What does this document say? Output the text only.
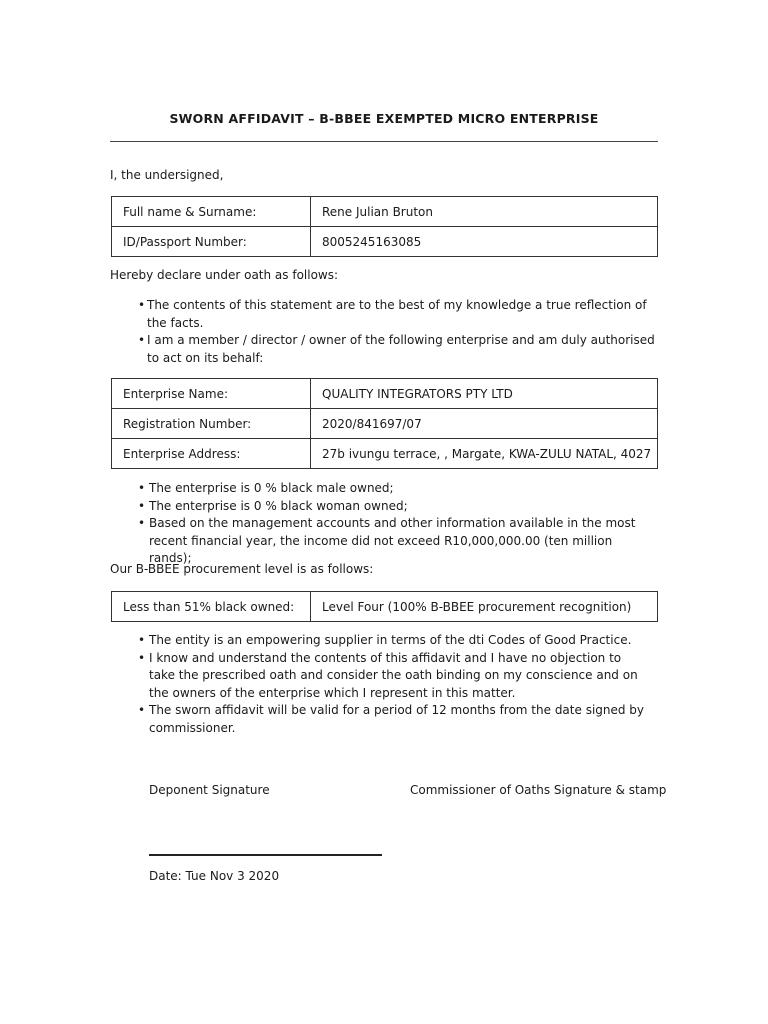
SWORN AFFIDAVIT – B-BBEE EXEMPTED MICRO ENTERPRISE
I, the undersigned,
Full name & Surname:	Rene Julian Bruton
ID/Passport Number:	8005245163085
Hereby declare under oath as follows:
• The contents of this statement are to the best of my knowledge a true reflection of the facts.
• I am a member / director / owner of the following enterprise and am duly authorised to act on its behalf:
Enterprise Name:	QUALITY INTEGRATORS PTY LTD
Registration Number:	2020/841697/07
Enterprise Address:	27b ivungu terrace, , Margate, KWA-ZULU NATAL, 4027
• The enterprise is 0 % black male owned;
• The enterprise is 0 % black woman owned;
• Based on the management accounts and other information available in the most recent financial year, the income did not exceed R10,000,000.00 (ten million rands);
Our B-BBEE procurement level is as follows:
Less than 51% black owned:	Level Four (100% B-BBEE procurement recognition)
• The entity is an empowering supplier in terms of the dti Codes of Good Practice.
• I know and understand the contents of this affidavit and I have no objection to take the prescribed oath and consider the oath binding on my conscience and on the owners of the enterprise which I represent in this matter.
• The sworn affidavit will be valid for a period of 12 months from the date signed by commissioner.
Deponent Signature	Commissioner of Oaths Signature & stamp
Date: Tue Nov 3 2020
